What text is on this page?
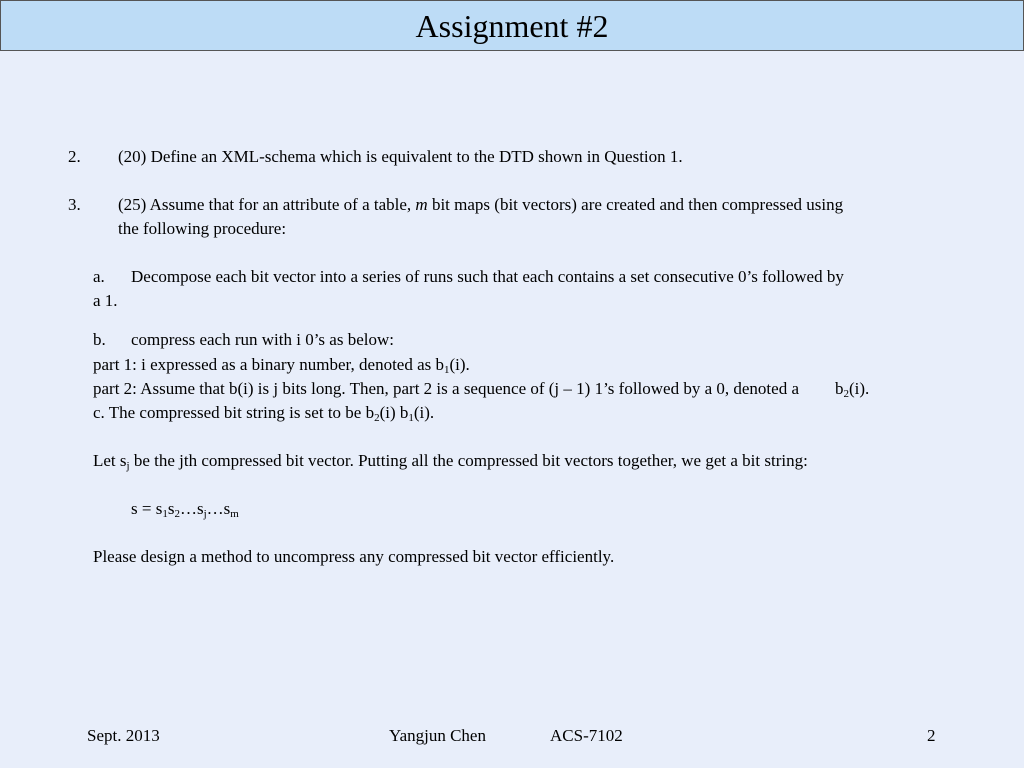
Assignment #2
2. (20) Define an XML-schema which is equivalent to the DTD shown in Question 1.
3. (25) Assume that for an attribute of a table, m bit maps (bit vectors) are created and then compressed using
the following procedure:
a. Decompose each bit vector into a series of runs such that each contains a set consecutive 0’s followed by
a 1.
b. compress each run with i 0’s as below:
part 1: i expressed as a binary number, denoted as $b_1(i)$.
part 2: Assume that b(i) is j bits long. Then, part 2 is a sequence of (j – 1) 1’s followed by a 0, denoted a $b_2(i)$.
c. The compressed bit string is set to be $b_2(i)$ $b_1(i)$.
Let $s_j$ be the jth compressed bit vector. Putting all the compressed bit vectors together, we get a bit string:
$s = s_1s_2\dots s_j\dots s_m$
Please design a method to uncompress any compressed bit vector efficiently.
Sept. 2013	Yangjun Chen	ACS-7102	2
